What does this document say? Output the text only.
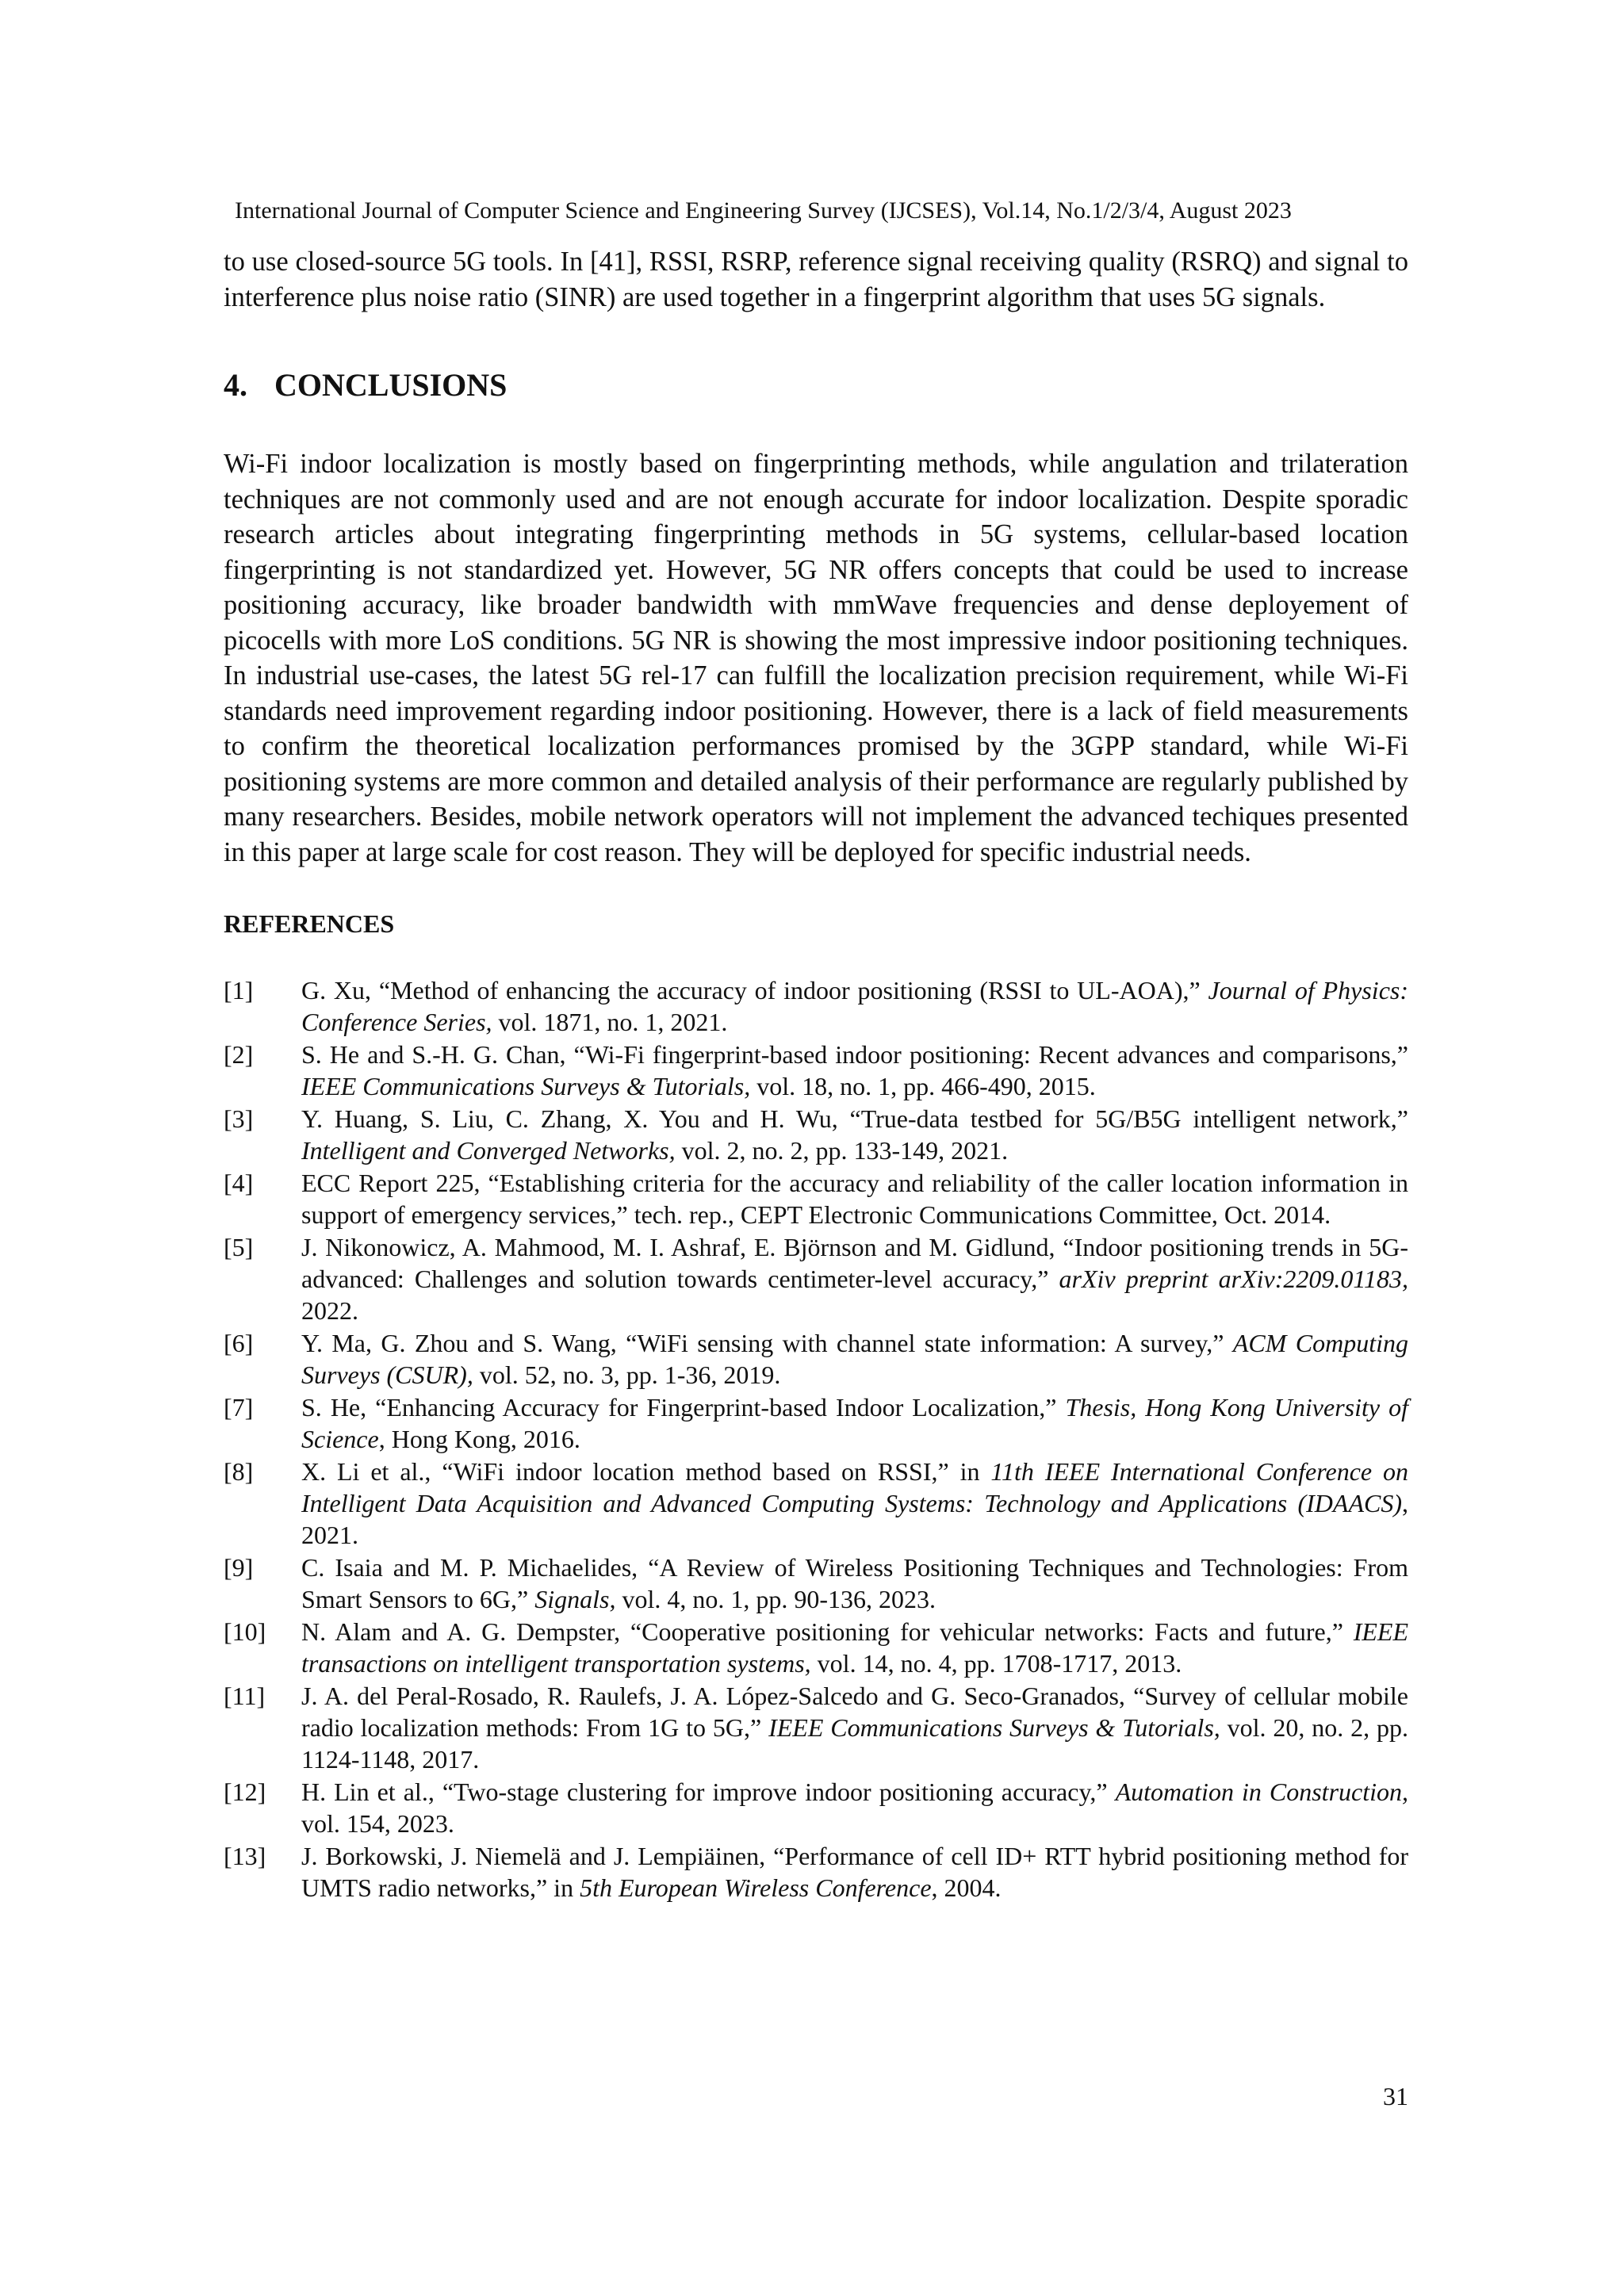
International Journal of Computer Science and Engineering Survey (IJCSES), Vol.14, No.1/2/3/4, August 2023

to use closed-source 5G tools. In [41], RSSI, RSRP, reference signal receiving quality (RSRQ) and signal to interference plus noise ratio (SINR) are used together in a fingerprint algorithm that uses 5G signals.

4. CONCLUSIONS

Wi-Fi indoor localization is mostly based on fingerprinting methods, while angulation and trilateration techniques are not commonly used and are not enough accurate for indoor localization. Despite sporadic research articles about integrating fingerprinting methods in 5G systems, cellular-based location fingerprinting is not standardized yet. However, 5G NR offers concepts that could be used to increase positioning accuracy, like broader bandwidth with mmWave frequencies and dense deployement of picocells with more LoS conditions. 5G NR is showing the most impressive indoor positioning techniques. In industrial use-cases, the latest 5G rel-17 can fulfill the localization precision requirement, while Wi-Fi standards need improvement regarding indoor positioning. However, there is a lack of field measurements to confirm the theoretical localization performances promised by the 3GPP standard, while Wi-Fi positioning systems are more common and detailed analysis of their performance are regularly published by many researchers. Besides, mobile network operators will not implement the advanced techiques presented in this paper at large scale for cost reason. They will be deployed for specific industrial needs.

REFERENCES
[1]	G. Xu, “Method of enhancing the accuracy of indoor positioning (RSSI to UL-AOA),” Journal of Physics: Conference Series, vol. 1871, no. 1, 2021.
[2]	S. He and S.-H. G. Chan, “Wi-Fi fingerprint-based indoor positioning: Recent advances and comparisons,” IEEE Communications Surveys & Tutorials, vol. 18, no. 1, pp. 466-490, 2015.
[3]	Y. Huang, S. Liu, C. Zhang, X. You and H. Wu, “True-data testbed for 5G/B5G intelligent network,” Intelligent and Converged Networks, vol. 2, no. 2, pp. 133-149, 2021.
[4]	ECC Report 225, “Establishing criteria for the accuracy and reliability of the caller location information in support of emergency services,” tech. rep., CEPT Electronic Communications Committee, Oct. 2014.
[5]	J. Nikonowicz, A. Mahmood, M. I. Ashraf, E. Björnson and M. Gidlund, “Indoor positioning trends in 5G-advanced: Challenges and solution towards centimeter-level accuracy,” arXiv preprint arXiv:2209.01183, 2022.
[6]	Y. Ma, G. Zhou and S. Wang, “WiFi sensing with channel state information: A survey,” ACM Computing Surveys (CSUR), vol. 52, no. 3, pp. 1-36, 2019.
[7]	S. He, “Enhancing Accuracy for Fingerprint-based Indoor Localization,” Thesis, Hong Kong University of Science, Hong Kong, 2016.
[8]	X. Li et al., “WiFi indoor location method based on RSSI,” in 11th IEEE International Conference on Intelligent Data Acquisition and Advanced Computing Systems: Technology and Applications (IDAACS), 2021.
[9]	C. Isaia and M. P. Michaelides, “A Review of Wireless Positioning Techniques and Technologies: From Smart Sensors to 6G,” Signals, vol. 4, no. 1, pp. 90-136, 2023.
[10]	N. Alam and A. G. Dempster, “Cooperative positioning for vehicular networks: Facts and future,” IEEE transactions on intelligent transportation systems, vol. 14, no. 4, pp. 1708-1717, 2013.
[11]	J. A. del Peral-Rosado, R. Raulefs, J. A. López-Salcedo and G. Seco-Granados, “Survey of cellular mobile radio localization methods: From 1G to 5G,” IEEE Communications Surveys & Tutorials, vol. 20, no. 2, pp. 1124-1148, 2017.
[12]	H. Lin et al., “Two-stage clustering for improve indoor positioning accuracy,” Automation in Construction, vol. 154, 2023.
[13]	J. Borkowski, J. Niemelä and J. Lempiäinen, “Performance of cell ID+ RTT hybrid positioning method for UMTS radio networks,” in 5th European Wireless Conference, 2004.
31
